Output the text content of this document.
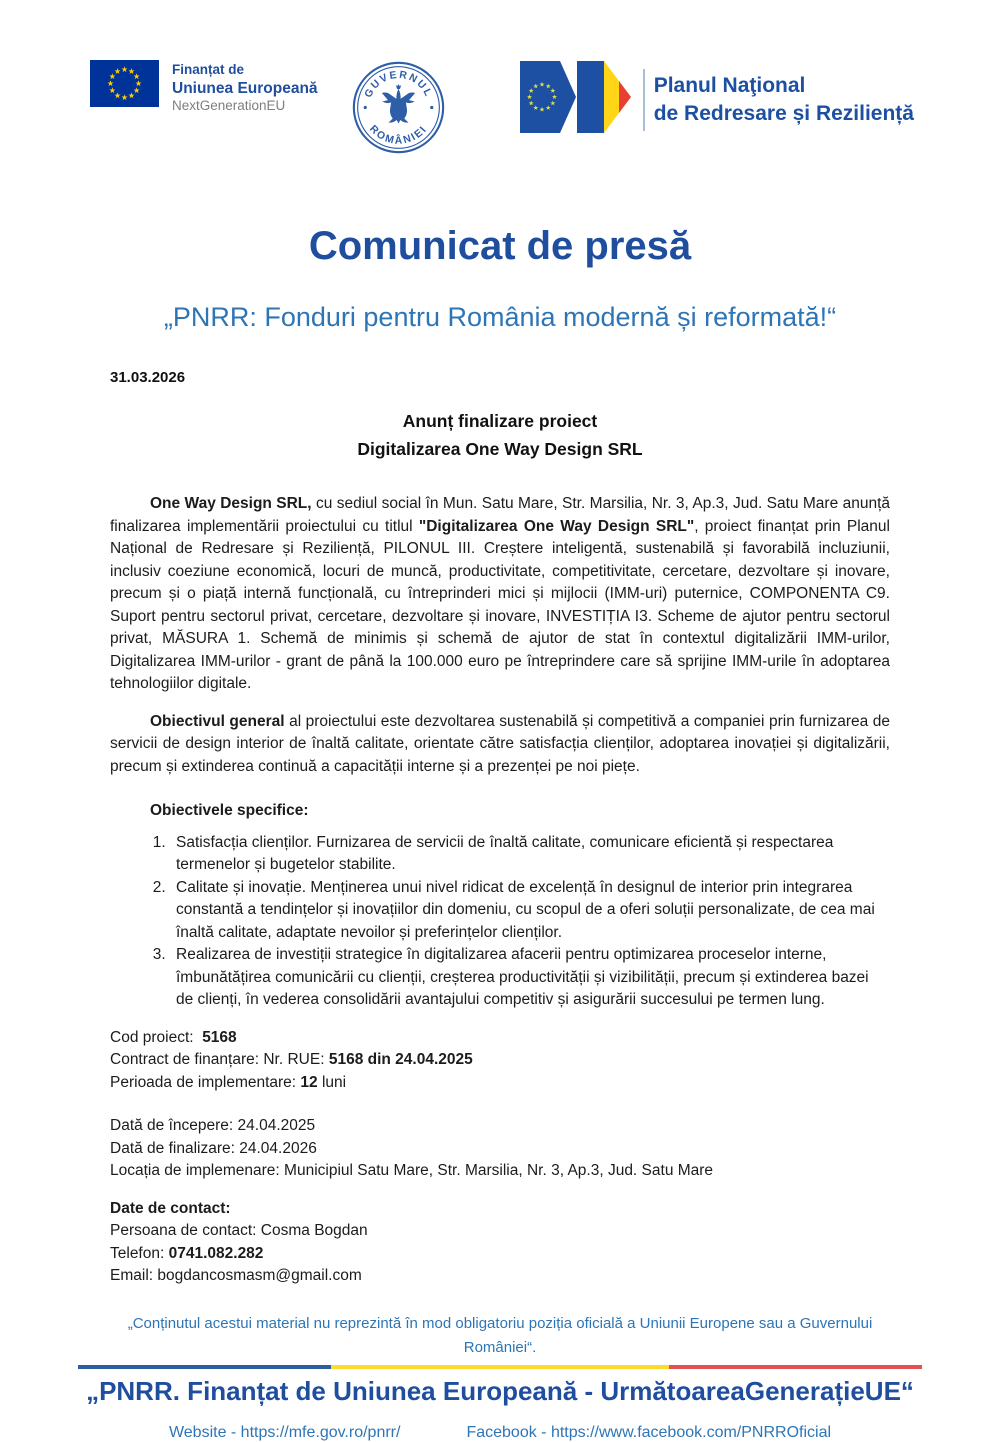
Finanțat de
Uniunea Europeană
NextGenerationEU
GUVERNUL
ROMÂNIEI
Planul Naţional
de Redresare și Reziliență
Comunicat de presă
„PNRR: Fonduri pentru România modernă și reformată!“
31.03.2026
Anunț finalizare proiect
Digitalizarea One Way Design SRL

One Way Design SRL, cu sediul social în Mun. Satu Mare, Str. Marsilia, Nr. 3, Ap.3, Jud. Satu Mare anunță finalizarea implementării proiectului cu titlul "Digitalizarea One Way Design SRL", proiect finanțat prin Planul Național de Redresare și Reziliență, PILONUL III. Creștere inteligentă, sustenabilă și favorabilă incluziunii, inclusiv coeziune economică, locuri de muncă, productivitate, competitivitate, cercetare, dezvoltare și inovare, precum și o piață internă funcțională, cu întreprinderi mici și mijlocii (IMM-uri) puternice, COMPONENTA C9. Suport pentru sectorul privat, cercetare, dezvoltare și inovare, INVESTIȚIA I3. Scheme de ajutor pentru sectorul privat, MĂSURA 1. Schemă de minimis și schemă de ajutor de stat în contextul digitalizării IMM-urilor, Digitalizarea IMM-urilor - grant de până la 100.000 euro pe întreprindere care să sprijine IMM-urile în adoptarea tehnologiilor digitale.

Obiectivul general al proiectului este dezvoltarea sustenabilă și competitivă a companiei prin furnizarea de servicii de design interior de înaltă calitate, orientate către satisfacția clienților, adoptarea inovației și digitalizării, precum și extinderea continuă a capacității interne și a prezenței pe noi piețe.

Obiectivele specifice:
1. Satisfacția clienților. Furnizarea de servicii de înaltă calitate, comunicare eficientă și respectarea termenelor și bugetelor stabilite.
2. Calitate și inovație. Menținerea unui nivel ridicat de excelență în designul de interior prin integrarea constantă a tendințelor și inovațiilor din domeniu, cu scopul de a oferi soluții personalizate, de cea mai înaltă calitate, adaptate nevoilor și preferințelor clienților.
3. Realizarea de investiții strategice în digitalizarea afacerii pentru optimizarea proceselor interne, îmbunătățirea comunicării cu clienții, creșterea productivității și vizibilității, precum și extinderea bazei de clienți, în vederea consolidării avantajului competitiv și asigurării succesului pe termen lung.
Cod proiect:  5168
Contract de finanțare: Nr. RUE: 5168 din 24.04.2025
Perioada de implementare: 12 luni
Dată de începere: 24.04.2025
Dată de finalizare: 24.04.2026
Locația de implemenare: Municipiul Satu Mare, Str. Marsilia, Nr. 3, Ap.3, Jud. Satu Mare
Date de contact:
Persoana de contact: Cosma Bogdan
Telefon: 0741.082.282
Email: bogdancosmasm@gmail.com
„Conținutul acestui material nu reprezintă în mod obligatoriu poziția oficială a Uniunii Europene sau a Guvernului României“.
„PNRR. Finanțat de Uniunea Europeană - UrmătoareaGenerațieUE“
Website - https://mfe.gov.ro/pnrr/	Facebook - https://www.facebook.com/PNRROficial
